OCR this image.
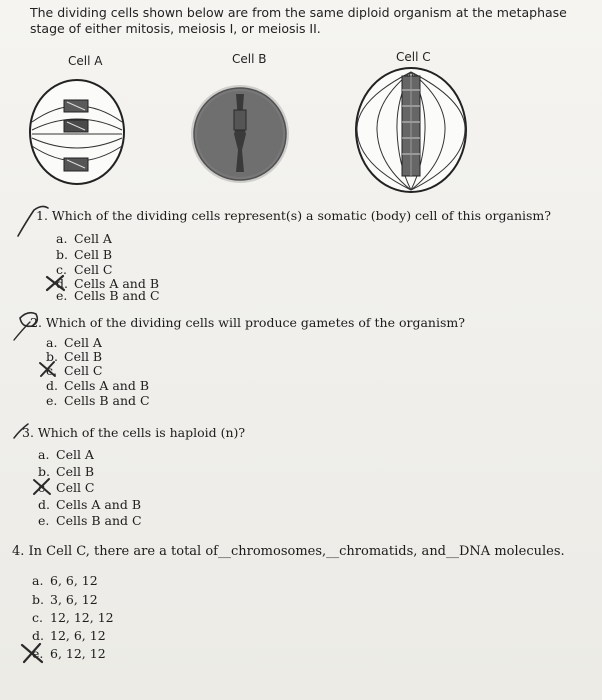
The dividing cells shown below are from the same diploid organism at the metaphase stage of either mitosis, meiosis I, or meiosis II.
Cell A	Cell B	Cell C
1. Which of the dividing cells represent(s) a somatic (body) cell of this organism?
a. Cell A
b. Cell B
c. Cell C
d. Cells A and B
e. Cells B and C
2. Which of the dividing cells will produce gametes of the organism?
a. Cell A
b. Cell B
c. Cell C
d. Cells A and B
e. Cells B and C
3. Which of the cells is haploid (n)?
a. Cell A
b. Cell B
c. Cell C
d. Cells A and B
e. Cells B and C
4. In Cell C, there are a total of__chromosomes,__chromatids, and__DNA molecules.
a. 6, 6, 12
b. 3, 6, 12
c. 12, 12, 12
d. 12, 6, 12
e. 6, 12, 12
